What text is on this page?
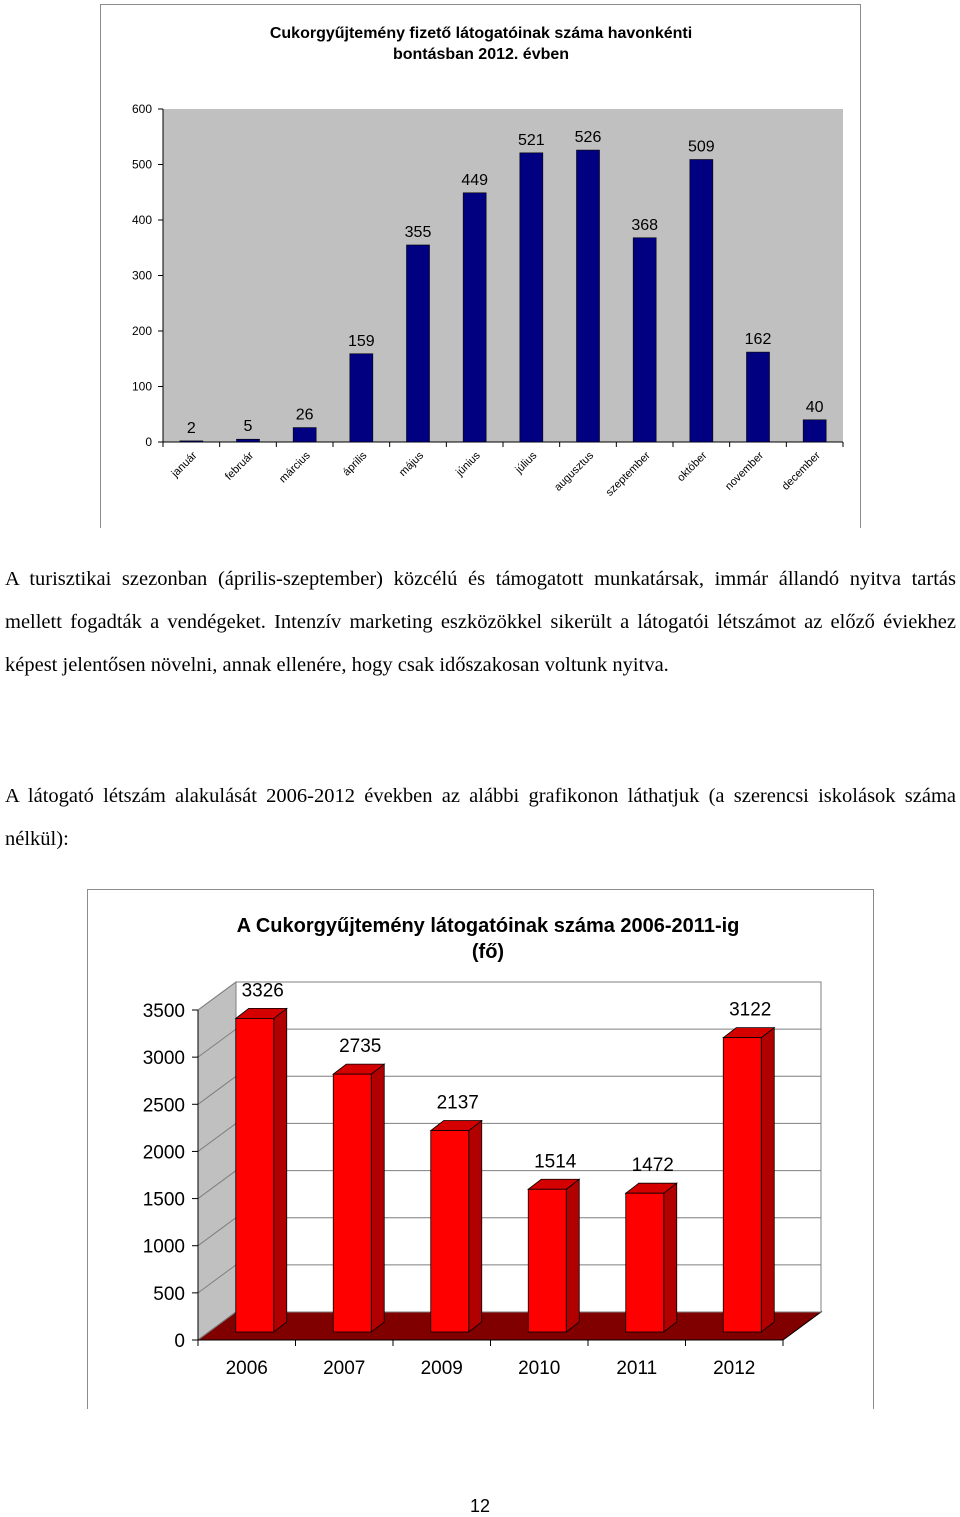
Cukorgyűjtemény fizető látogatóinak száma havonkénti
bontásban 2012. évben
0
100
200
300
400
500
600
2
január
5
február
26
március
159
április
355
május
449
június
521
július
526
augusztus
368
szeptember
509
október
162
november
40
december

A turisztikai szezonban (április-szeptember) közcélú és támogatott munkatársak, immár állandó nyitva tartás mellett fogadták a vendégeket. Intenzív marketing eszközökkel sikerült a látogatói létszámot az előző éviekhez képest jelentősen növelni, annak ellenére, hogy csak időszakosan voltunk nyitva.

A látogató létszám alakulását 2006-2012 években az alábbi grafikonon láthatjuk (a szerencsi iskolások száma nélkül):

A Cukorgyűjtemény látogatóinak száma 2006-2011-ig
(fő)
0
500
1000
1500
2000
2500
3000
3500
3326
2006
2735
2007
2137
2009
1514
2010
1472
2011
3122
2012
12
